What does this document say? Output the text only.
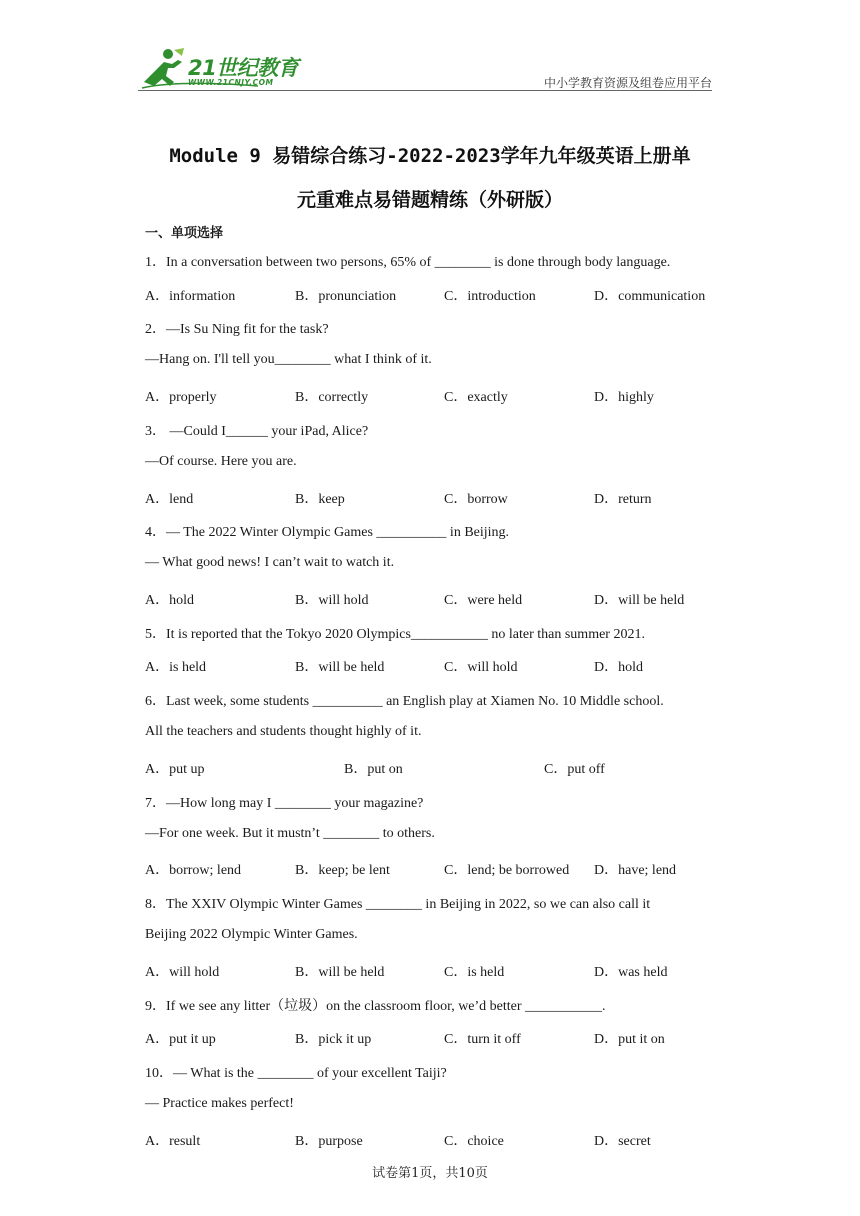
21世纪教育
WWW.21CNJY.COM	中小学教育资源及组卷应用平台
Module 9 易错综合练习-2022-2023学年九年级英语上册单
元重难点易错题精练（外研版）
一、单项选择
1．In a conversation between two persons, 65% of ________ is done through body language.
2．—Is Su Ning fit for the task?
—Hang on. I'll tell you________ what I think of it.
3． —Could I______ your iPad, Alice?
—Of course. Here you are.
4．— The 2022 Winter Olympic Games __________ in Beijing.
— What good news! I can’t wait to watch it.
5．It is reported that the Tokyo 2020 Olympics___________ no later than summer 2021.
6．Last week, some students __________ an English play at Xiamen No. 10 Middle school.
All the teachers and students thought highly of it.
7．—How long may I ________ your magazine?
—For one week. But it mustn’t ________ to others.
8．The XXIV Olympic Winter Games ________ in Beijing in 2022, so we can also call it
Beijing 2022 Olympic Winter Games.
9．If we see any litter（垃圾）on the classroom floor, we’d better ___________.
10．— What is the ________ of your excellent Taiji?
— Practice makes perfect!
A．information	B．pronunciation	C．introduction	D．communication
A．properly	B．correctly	C．exactly	D．highly
A．lend	B．keep	C．borrow	D．return
A．hold	B．will hold	C．were held	D．will be held
A．is held	B．will be held	C．will hold	D．hold
A．put up	B．put on	C．put off
A．borrow; lend	B．keep; be lent	C．lend; be borrowed D．have; lend
A．will hold	B．will be held	C．is held	D．was held
A．put it up	B．pick it up	C．turn it off	D．put it on
A．result	B．purpose	C．choice	D．secret
试卷第1页，共10页
